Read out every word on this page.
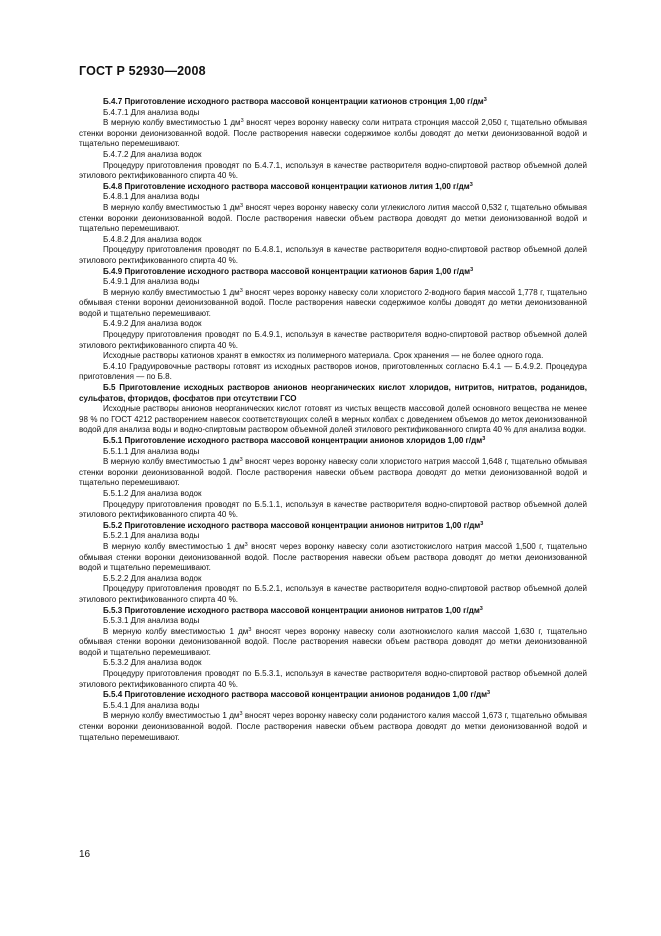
ГОСТ Р 52930—2008

Б.4.7 Приготовление исходного раствора массовой концентрации катионов стронция 1,00 $г/дм^3$

Б.4.7.1 Для анализа воды

В мерную колбу вместимостью 1 $дм^3$ вносят через воронку навеску соли нитрата стронция массой 2,050 г, тщательно обмывая стенки воронки деионизованной водой. После растворения навески содержимое колбы доводят до метки деионизованной водой и тщательно перемешивают.

Б.4.7.2 Для анализа водок

Процедуру приготовления проводят по Б.4.7.1, используя в качестве растворителя водно-спиртовой раствор объемной долей этилового ректификованного спирта 40 %.

Б.4.8 Приготовление исходного раствора массовой концентрации катионов лития 1,00 $г/дм^3$

Б.4.8.1 Для анализа воды

В мерную колбу вместимостью 1 $дм^3$ вносят через воронку навеску соли углекислого лития массой 0,532 г, тщательно обмывая стенки воронки деионизованной водой. После растворения навески объем раствора доводят до метки деионизованной водой и тщательно перемешивают.

Б.4.8.2 Для анализа водок

Процедуру приготовления проводят по Б.4.8.1, используя в качестве растворителя водно-спиртовой раствор объемной долей этилового ректификованного спирта 40 %.

Б.4.9 Приготовление исходного раствора массовой концентрации катионов бария 1,00 $г/дм^3$

Б.4.9.1 Для анализа воды

В мерную колбу вместимостью 1 $дм^3$ вносят через воронку навеску соли хлористого 2-водного бария массой 1,778 г, тщательно обмывая стенки воронки деионизованной водой. После растворения навески содержимое колбы доводят до метки деионизованной водой и тщательно перемешивают.

Б.4.9.2 Для анализа водок

Процедуру приготовления проводят по Б.4.9.1, используя в качестве растворителя водно-спиртовой раствор объемной долей этилового ректификованного спирта 40 %.

Исходные растворы катионов хранят в емкостях из полимерного материала. Срок хранения — не более одного года.

Б.4.10 Градуировочные растворы готовят из исходных растворов ионов, приготовленных согласно Б.4.1 — Б.4.9.2. Процедура приготовления — по Б.8.

Б.5 Приготовление исходных растворов анионов неорганических кислот хлоридов, нитритов, нитратов, роданидов, сульфатов, фторидов, фосфатов при отсутствии ГСО

Исходные растворы анионов неорганических кислот готовят из чистых веществ массовой долей основного вещества не менее 98 % по ГОСТ 4212 растворением навесок соответствующих солей в мерных колбах с доведением объемов до меток деионизованной водой для анализа воды и водно-спиртовым раствором объемной долей этилового ректификованного спирта 40 % для анализа водки.

Б.5.1 Приготовление исходного раствора массовой концентрации анионов хлоридов 1,00 $г/дм^3$

Б.5.1.1 Для анализа воды

В мерную колбу вместимостью 1 $дм^3$ вносят через воронку навеску соли хлористого натрия массой 1,648 г, тщательно обмывая стенки воронки деионизованной водой. После растворения навески объем раствора доводят до метки деионизованной водой и тщательно перемешивают.

Б.5.1.2 Для анализа водок

Процедуру приготовления проводят по Б.5.1.1, используя в качестве растворителя водно-спиртовой раствор объемной долей этилового ректификованного спирта 40 %.

Б.5.2 Приготовление исходного раствора массовой концентрации анионов нитритов 1,00 $г/дм^3$

Б.5.2.1 Для анализа воды

В мерную колбу вместимостью 1 $дм^3$ вносят через воронку навеску соли азотистокислого натрия массой 1,500 г, тщательно обмывая стенки воронки деионизованной водой. После растворения навески объем раствора доводят до метки деионизованной водой и тщательно перемешивают.

Б.5.2.2 Для анализа водок

Процедуру приготовления проводят по Б.5.2.1, используя в качестве растворителя водно-спиртовой раствор объемной долей этилового ректификованного спирта 40 %.

Б.5.3 Приготовление исходного раствора массовой концентрации анионов нитратов 1,00 $г/дм^3$

Б.5.3.1 Для анализа воды

В мерную колбу вместимостью 1 $дм^3$ вносят через воронку навеску соли азотнокислого калия массой 1,630 г, тщательно обмывая стенки воронки деионизованной водой. После растворения навески объем раствора доводят до метки деионизованной водой и тщательно перемешивают.

Б.5.3.2 Для анализа водок

Процедуру приготовления проводят по Б.5.3.1, используя в качестве растворителя водно-спиртовой раствор объемной долей этилового ректификованного спирта 40 %.

Б.5.4 Приготовление исходного раствора массовой концентрации анионов роданидов 1,00 $г/дм^3$

Б.5.4.1 Для анализа воды

В мерную колбу вместимостью 1 $дм^3$ вносят через воронку навеску соли роданистого калия массой 1,673 г, тщательно обмывая стенки воронки деионизованной водой. После растворения навески объем раствора доводят до метки деионизованной водой и тщательно перемешивают.

16
